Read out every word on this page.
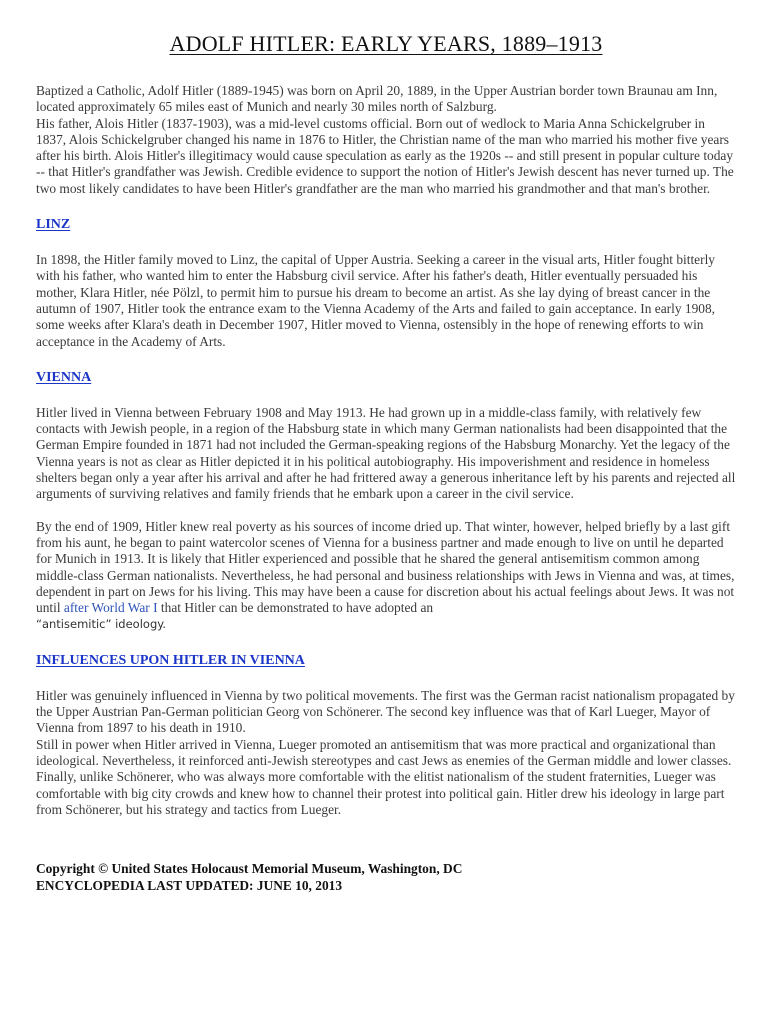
ADOLF HITLER: EARLY YEARS, 1889–1913

Baptized a Catholic, Adolf Hitler (1889-1945) was born on April 20, 1889, in the Upper Austrian border town Braunau am Inn, located approximately 65 miles east of Munich and nearly 30 miles north of Salzburg.

His father, Alois Hitler (1837-1903), was a mid-level customs official. Born out of wedlock to Maria Anna Schickelgruber in 1837, Alois Schickelgruber changed his name in 1876 to Hitler, the Christian name of the man who married his mother five years after his birth. Alois Hitler's illegitimacy would cause speculation as early as the 1920s -- and still present in popular culture today -- that Hitler's grandfather was Jewish. Credible evidence to support the notion of Hitler's Jewish descent has never turned up. The two most likely candidates to have been Hitler's grandfather are the man who married his grandmother and that man's brother.

LINZ

In 1898, the Hitler family moved to Linz, the capital of Upper Austria. Seeking a career in the visual arts, Hitler fought bitterly with his father, who wanted him to enter the Habsburg civil service. After his father's death, Hitler eventually persuaded his mother, Klara Hitler, née Pölzl, to permit him to pursue his dream to become an artist. As she lay dying of breast cancer in the autumn of 1907, Hitler took the entrance exam to the Vienna Academy of the Arts and failed to gain acceptance. In early 1908, some weeks after Klara's death in December 1907, Hitler moved to Vienna, ostensibly in the hope of renewing efforts to win acceptance in the Academy of Arts.

VIENNA

Hitler lived in Vienna between February 1908 and May 1913. He had grown up in a middle-class family, with relatively few contacts with Jewish people, in a region of the Habsburg state in which many German nationalists had been disappointed that the German Empire founded in 1871 had not included the German-speaking regions of the Habsburg Monarchy. Yet the legacy of the Vienna years is not as clear as Hitler depicted it in his political autobiography. His impoverishment and residence in homeless shelters began only a year after his arrival and after he had frittered away a generous inheritance left by his parents and rejected all arguments of surviving relatives and family friends that he embark upon a career in the civil service.

By the end of 1909, Hitler knew real poverty as his sources of income dried up. That winter, however, helped briefly by a last gift from his aunt, he began to paint watercolor scenes of Vienna for a business partner and made enough to live on until he departed for Munich in 1913. It is likely that Hitler experienced and possible that he shared the general antisemitism common among middle-class German nationalists. Nevertheless, he had personal and business relationships with Jews in Vienna and was, at times, dependent in part on Jews for his living. This may have been a cause for discretion about his actual feelings about Jews. It was not until after World War I that Hitler can be demonstrated to have adopted an
“antisemitic” ideology.

INFLUENCES UPON HITLER IN VIENNA

Hitler was genuinely influenced in Vienna by two political movements. The first was the German racist nationalism propagated by the Upper Austrian Pan-German politician Georg von Schönerer. The second key influence was that of Karl Lueger, Mayor of Vienna from 1897 to his death in 1910.

Still in power when Hitler arrived in Vienna, Lueger promoted an antisemitism that was more practical and organizational than ideological. Nevertheless, it reinforced anti-Jewish stereotypes and cast Jews as enemies of the German middle and lower classes. Finally, unlike Schönerer, who was always more comfortable with the elitist nationalism of the student fraternities, Lueger was comfortable with big city crowds and knew how to channel their protest into political gain. Hitler drew his ideology in large part from Schönerer, but his strategy and tactics from Lueger.

Copyright © United States Holocaust Memorial Museum, Washington, DC
ENCYCLOPEDIA LAST UPDATED: JUNE 10, 2013
